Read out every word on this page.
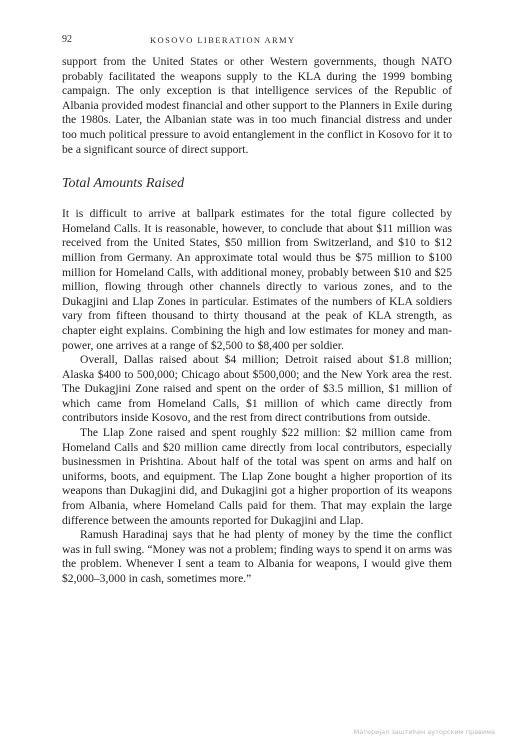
92	KOSOVO LIBERATION ARMY

support from the United States or other Western governments, though NATO probably facilitated the weapons supply to the KLA during the 1999 bombing campaign. The only exception is that intelligence services of the Republic of Albania provided modest financial and other support to the Planners in Exile during the 1980s. Later, the Albanian state was in too much financial distress and under too much political pressure to avoid entanglement in the conflict in Kosovo for it to be a significant source of direct support.

Total Amounts Raised

It is difficult to arrive at ballpark estimates for the total figure collected by Homeland Calls. It is reasonable, however, to conclude that about $11 million was received from the United States, $50 million from Switzerland, and $10 to $12 million from Germany. An approximate total would thus be $75 million to $100 million for Homeland Calls, with additional money, probably between $10 and $25 million, flowing through other channels directly to various zones, and to the Dukagjini and Llap Zones in particular. Estimates of the numbers of KLA soldiers vary from fifteen thousand to thirty thousand at the peak of KLA strength, as chapter eight explains. Combining the high and low estimates for money and manpower, one arrives at a range of $2,500 to $8,400 per soldier.

Overall, Dallas raised about $4 million; Detroit raised about $1.8 million; Alaska $400 to 500,000; Chicago about $500,000; and the New York area the rest. The Dukagjini Zone raised and spent on the order of $3.5 million, $1 million of which came from Homeland Calls, $1 million of which came directly from contributors inside Kosovo, and the rest from direct contributions from outside.

The Llap Zone raised and spent roughly $22 million: $2 million came from Homeland Calls and $20 million came directly from local contributors, especially businessmen in Prishtina. About half of the total was spent on arms and half on uniforms, boots, and equipment. The Llap Zone bought a higher proportion of its weapons than Dukagjini did, and Dukagjini got a higher proportion of its weapons from Albania, where Homeland Calls paid for them. That may explain the large difference between the amounts reported for Dukagjini and Llap.

Ramush Haradinaj says that he had plenty of money by the time the conflict was in full swing. “Money was not a problem; finding ways to spend it on arms was the problem. Whenever I sent a team to Albania for weapons, I would give them $2,000–3,000 in cash, sometimes more.”

Материјал заштићен ауторским правима
